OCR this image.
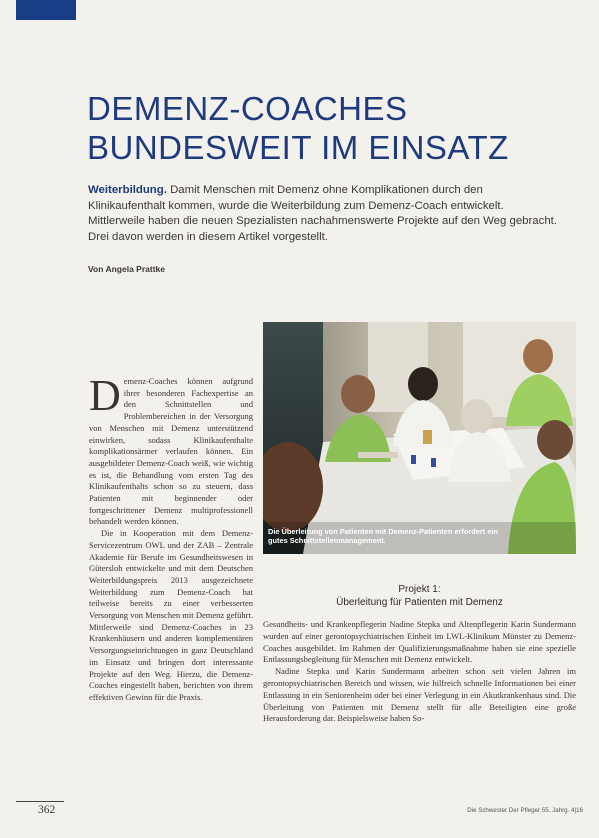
DEMENZ-COACHES
BUNDESWEIT IM EINSATZ

Weiterbildung. Damit Menschen mit Demenz ohne Komplikationen durch den Klinikaufenthalt kommen, wurde die Weiterbildung zum Demenz-Coach entwickelt. Mittlerweile haben die neuen Spezialisten nachahmenswerte Projekte auf den Weg gebracht. Drei davon werden in diesem Artikel vorgestellt.

Von Angela Prattke
Die Überleitung von Patienten mit Demenz-Patienten erfordert ein gutes Schnittstellenmanagement.

Demenz-Coaches können aufgrund ihrer besonderen Fachexpertise an den Schnittstellen und Problembereichen in der Versorgung von Menschen mit Demenz unterstützend einwirken, sodass Klinikaufenthalte komplikationsärmer verlaufen können. Ein ausgebildeter Demenz-Coach weiß, wie wichtig es ist, die Behandlung vom ersten Tag des Klinikaufenthalts schon so zu steuern, dass Patienten mit beginnender oder fortgeschrittener Demenz multiprofessionell behandelt werden können.

Die in Kooperation mit dem Demenz-Servicezentrum OWL und der ZAB – Zentrale Akademie für Berufe im Gesundheitswesen in Gütersloh entwickelte und mit dem Deutschen Weiterbildungspreis 2013 ausgezeichnete Weiterbildung zum Demenz-Coach hat teilweise bereits zu einer verbesserten Versorgung von Menschen mit Demenz geführt. Mittlerweile sind Demenz-Coaches in 23 Krankenhäusern und anderen komplementären Versorgungseinrichtungen in ganz Deutschland im Einsatz und bringen dort interessante Projekte auf den Weg. Hierzu, die Demenz-Coaches eingestellt haben, berichten von ihrem effektiven Gewinn für die Praxis.

Projekt 1:
Überleitung für Patienten mit Demenz

Gesundheits- und Krankenpflegerin Nadine Stepka und Altenpflegerin Karin Sundermann wurden auf einer gerontopsychiatrischen Einheit im LWL-Klinikum Münster zu Demenz-Coaches ausgebildet. Im Rahmen der Qualifizierungsmaßnahme haben sie eine spezielle Entlassungsbegleitung für Menschen mit Demenz entwickelt.

Nadine Stepka und Karin Sundermann arbeiten schon seit vielen Jahren im gerontopsychiatrischen Bereich und wissen, wie hilfreich schnelle Informationen bei einer Entlassung in ein Seniorenheim oder bei einer Verlegung in ein Akutkrankenhaus sind. Die Überleitung von Patienten mit Demenz stellt für alle Beteiligten eine große Herausforderung dar. Beispielsweise haben So-

362	Die Schwester Der Pfleger 55. Jahrg. 4|16
